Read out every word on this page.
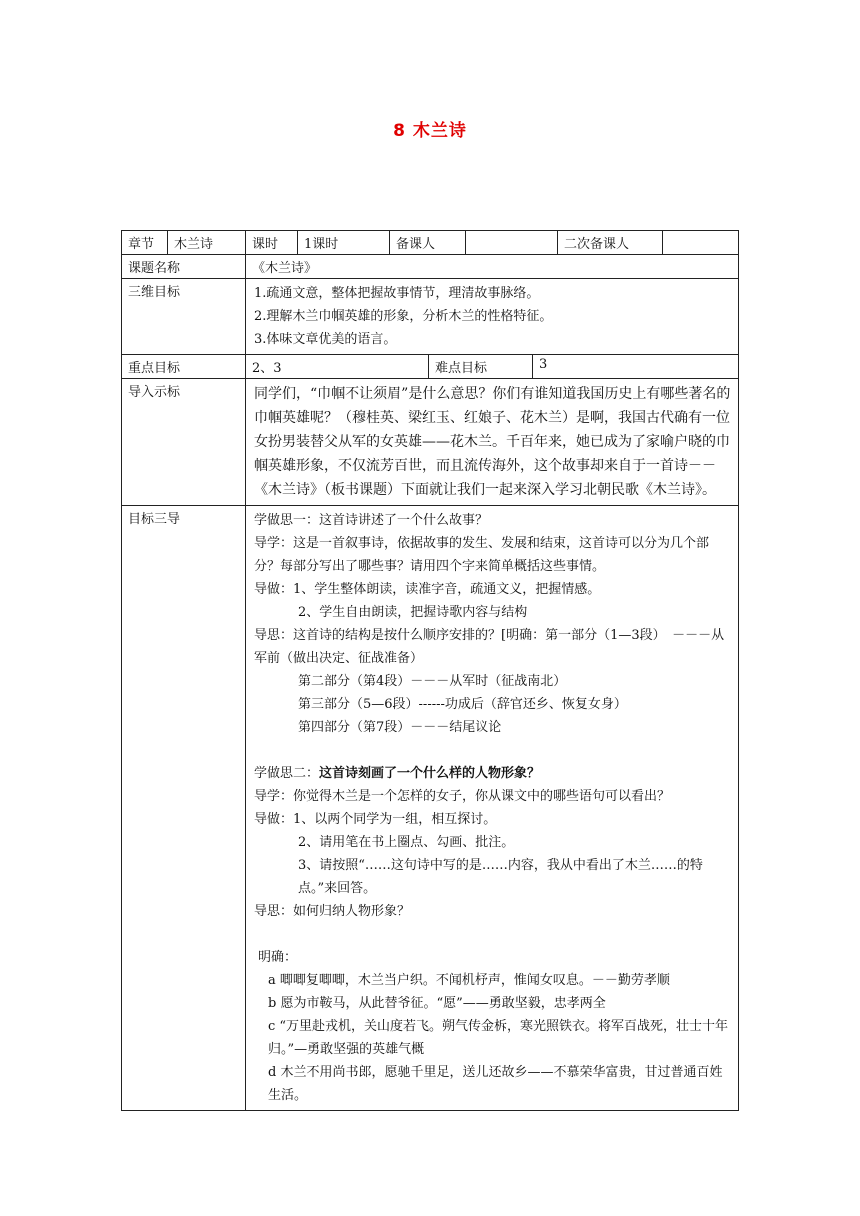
8 木兰诗
章节	木兰诗	课时	1课时	备课人	二次备课人
课题名称	《木兰诗》
三维目标	1.疏通文意，整体把握故事情节，理清故事脉络。

2.理解木兰巾帼英雄的形象，分析木兰的性格特征。

3.体味文章优美的语言。

重点目标	2、3	难点目标	3
导入示标	同学们，“巾帼不让须眉”是什么意思？你们有谁知道我国历史上有哪些著名的巾帼英雄呢？（穆桂英、梁红玉、红娘子、花木兰）是啊，我国古代确有一位女扮男装替父从军的女英雄——花木兰。千百年来，她已成为了家喻户晓的巾帼英雄形象，不仅流芳百世，而且流传海外，这个故事却来自于一首诗－－《木兰诗》（板书课题）下面就让我们一起来深入学习北朝民歌《木兰诗》。
目标三导	学做思一：这首诗讲述了一个什么故事？

导学：这是一首叙事诗，依据故事的发生、发展和结束，这首诗可以分为几个部分？每部分写出了哪些事？请用四个字来简单概括这些事情。

导做：1、学生整体朗读，读准字音，疏通文义，把握情感。

2、学生自由朗读，把握诗歌内容与结构

导思：这首诗的结构是按什么顺序安排的？[明确：第一部分（1—3段）　－－－从军前（做出决定、征战准备）

第二部分（第4段）－－－从军时（征战南北）

第三部分（5—6段）------功成后（辞官还乡、恢复女身）

第四部分（第7段）－－－结尾议论

学做思二：这首诗刻画了一个什么样的人物形象？

导学：你觉得木兰是一个怎样的女子，你从课文中的哪些语句可以看出？

导做：1、以两个同学为一组，相互探讨。

2、请用笔在书上圈点、勾画、批注。

3、请按照“……这句诗中写的是……内容，我从中看出了木兰……的特点。”来回答。

导思：如何归纳人物形象？

明确：

a 唧唧复唧唧，木兰当户织。不闻机杼声，惟闻女叹息。－－勤劳孝顺

b 愿为市鞍马，从此替爷征。“愿”——勇敢坚毅，忠孝两全

c “万里赴戎机，关山度若飞。朔气传金柝，寒光照铁衣。将军百战死，壮士十年归。”—勇敢坚强的英雄气概

d 木兰不用尚书郎，愿驰千里足，送儿还故乡——不慕荣华富贵，甘过普通百姓生活。
